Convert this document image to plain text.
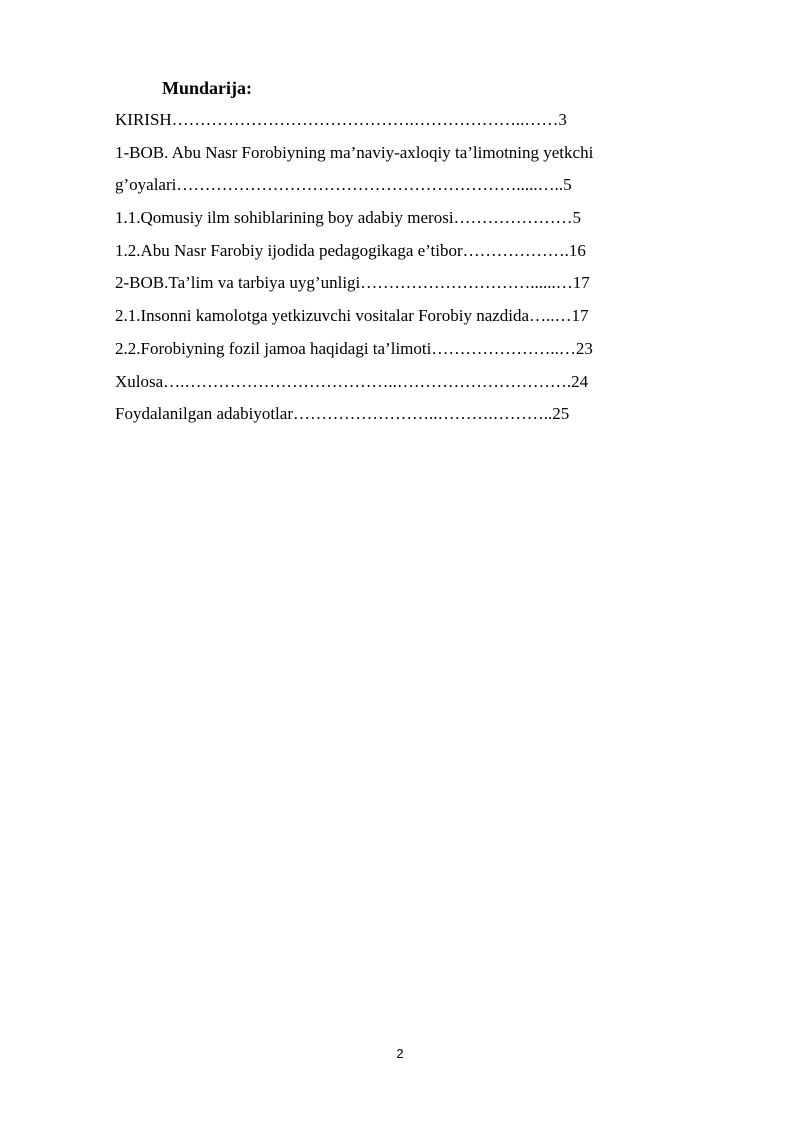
Mundarija:
KIRISH…………………………………….………………..……3
1-BOB. Abu Nasr Forobiyning ma’naviy-axloqiy ta’limotning yetkchi
g’oyalari…………………………………………………….....…..5
1.1.Qomusiy ilm sohiblarining boy adabiy merosi…………………5
1.2.Abu Nasr Farobiy ijodida pedagogikaga e’tibor……………….16
2-BOB.Ta’lim va tarbiya uyg’unligi…………………………......…17
2.1.Insonni kamolotga yetkizuvchi vositalar Forobiy nazdida…..…17
2.2.Forobiyning fozil jamoa haqidagi ta’limoti…………………..…23
Xulosa….………………………………..………………………….24
Foydalanilgan adabiyotlar……………………..……….………..25
2
